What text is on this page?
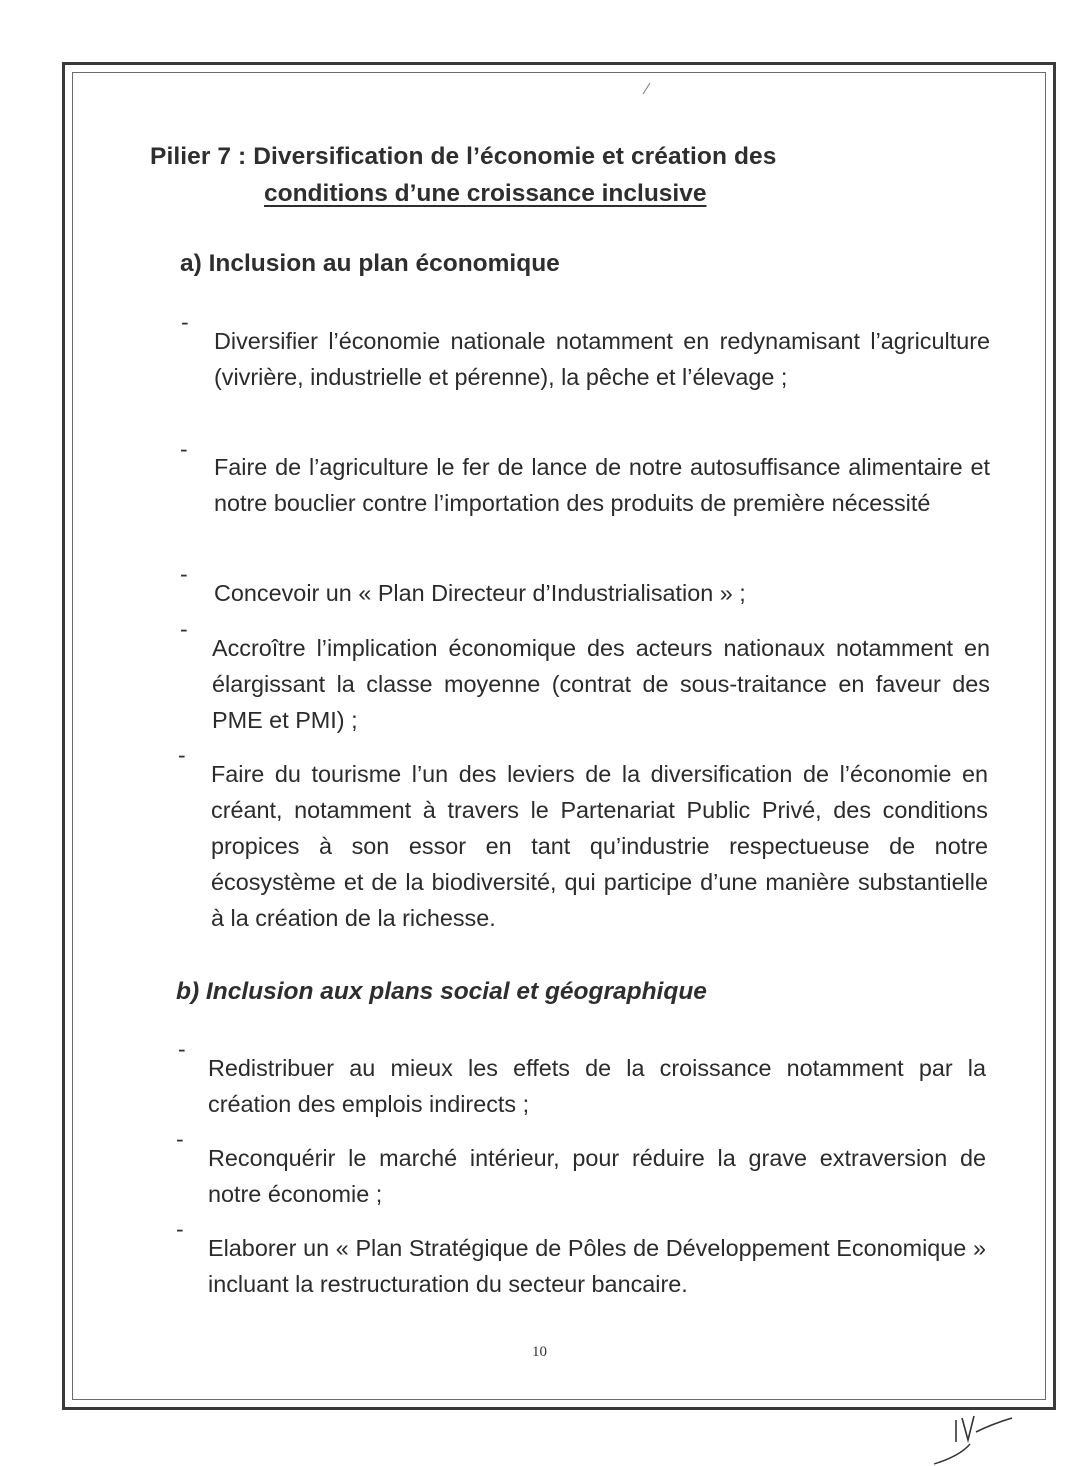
Pilier 7 : Diversification de l’économie et création des
conditions d’une croissance inclusive
a) Inclusion au plan économique
-

Diversifier l’économie nationale notamment en redynamisant l’agriculture (vivrière, industrielle et pérenne), la pêche et l’élevage ;

-

Faire de l’agriculture le fer de lance de notre autosuffisance alimentaire et notre bouclier contre l’importation des produits de première nécessité

-

Concevoir un « Plan Directeur d’Industrialisation » ;

-

Accroître l’implication économique des acteurs nationaux notamment en élargissant la classe moyenne (contrat de sous-traitance en faveur des PME et PMI) ;

-

Faire du tourisme l’un des leviers de la diversification de l’économie en créant, notamment à travers le Partenariat Public Privé, des conditions propices à son essor en tant qu’industrie respectueuse de notre écosystème et de la biodiversité, qui participe d’une manière substantielle à la création de la richesse.

b) Inclusion aux plans social et géographique
-

Redistribuer au mieux les effets de la croissance notamment par la création des emplois indirects ;

-

Reconquérir le marché intérieur, pour réduire la grave extraversion de notre économie ;

-

Elaborer un « Plan Stratégique de Pôles de Développement Economique » incluant la restructuration du secteur bancaire.

10
